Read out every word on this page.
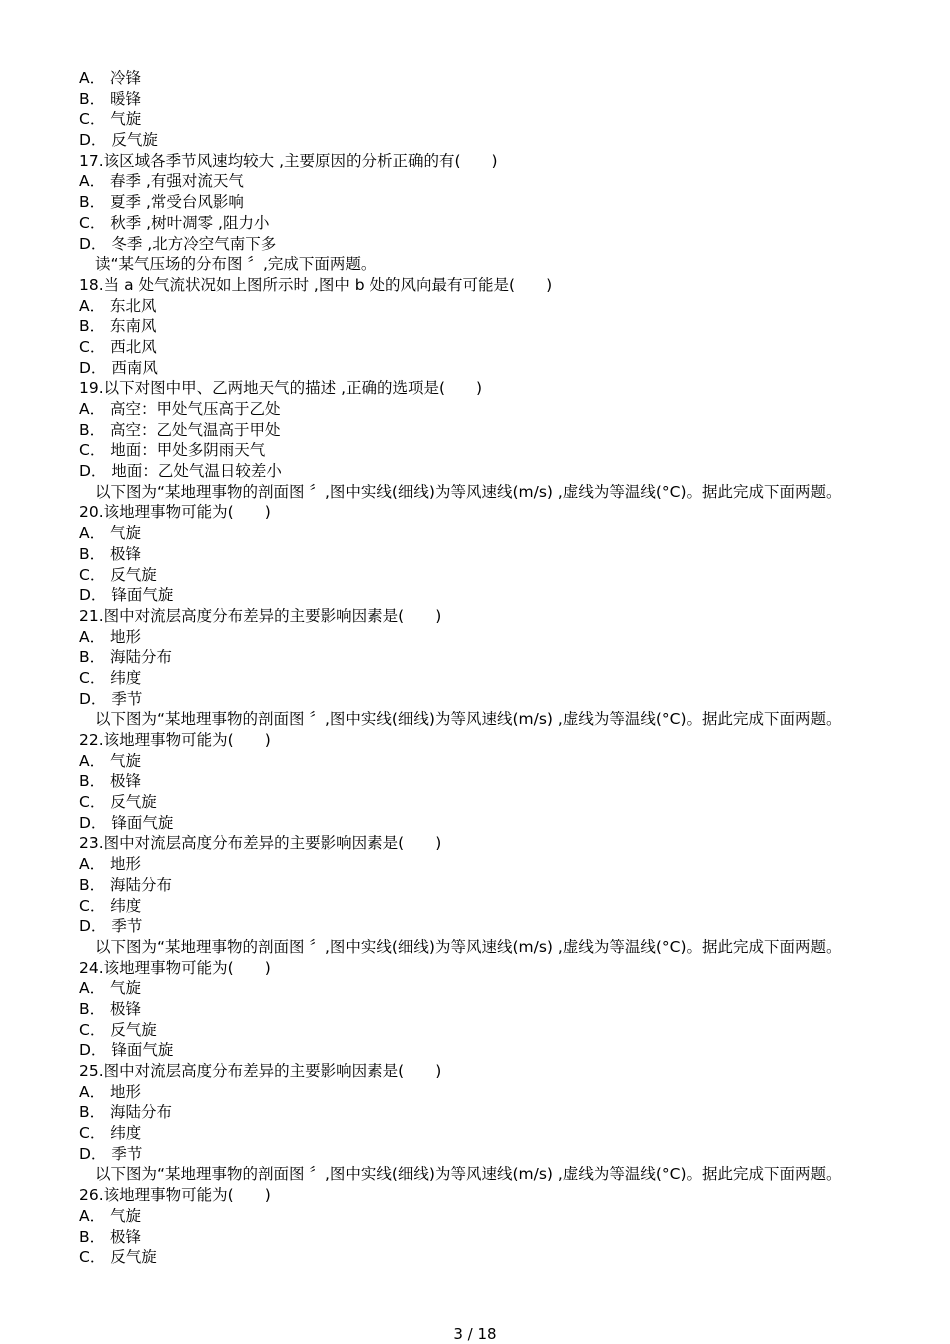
A． 冷锋
B． 暖锋
C． 气旋
D． 反气旋
17.该区域各季节风速均较大 ,主要原因的分析正确的有(　　)
A． 春季 ,有强对流天气
B． 夏季 ,常受台风影响
C． 秋季 ,树叶凋零 ,阻力小
D． 冬季 ,北方冷空气南下多
读“某气压场的分布图 〞,完成下面两题。
18.当 a 处气流状况如上图所示时 ,图中 b 处的风向最有可能是(　　)
A． 东北风
B． 东南风
C． 西北风
D． 西南风
19.以下对图中甲、乙两地天气的描述 ,正确的选项是(　　)
A． 高空：甲处气压高于乙处
B． 高空：乙处气温高于甲处
C． 地面：甲处多阴雨天气
D． 地面：乙处气温日较差小
以下图为“某地理事物的剖面图 〞,图中实线(细线)为等风速线(m/s) ,虚线为等温线(°C)。据此完成下面两题。
20.该地理事物可能为(　　)
A． 气旋
B． 极锋
C． 反气旋
D． 锋面气旋
21.图中对流层高度分布差异的主要影响因素是(　　)
A． 地形
B． 海陆分布
C． 纬度
D． 季节
以下图为“某地理事物的剖面图 〞,图中实线(细线)为等风速线(m/s) ,虚线为等温线(°C)。据此完成下面两题。
22.该地理事物可能为(　　)
A． 气旋
B． 极锋
C． 反气旋
D． 锋面气旋
23.图中对流层高度分布差异的主要影响因素是(　　)
A． 地形
B． 海陆分布
C． 纬度
D． 季节
以下图为“某地理事物的剖面图 〞,图中实线(细线)为等风速线(m/s) ,虚线为等温线(°C)。据此完成下面两题。
24.该地理事物可能为(　　)
A． 气旋
B． 极锋
C． 反气旋
D． 锋面气旋
25.图中对流层高度分布差异的主要影响因素是(　　)
A． 地形
B． 海陆分布
C． 纬度
D． 季节
以下图为“某地理事物的剖面图 〞,图中实线(细线)为等风速线(m/s) ,虚线为等温线(°C)。据此完成下面两题。
26.该地理事物可能为(　　)
A． 气旋
B． 极锋
C． 反气旋
3 / 18
